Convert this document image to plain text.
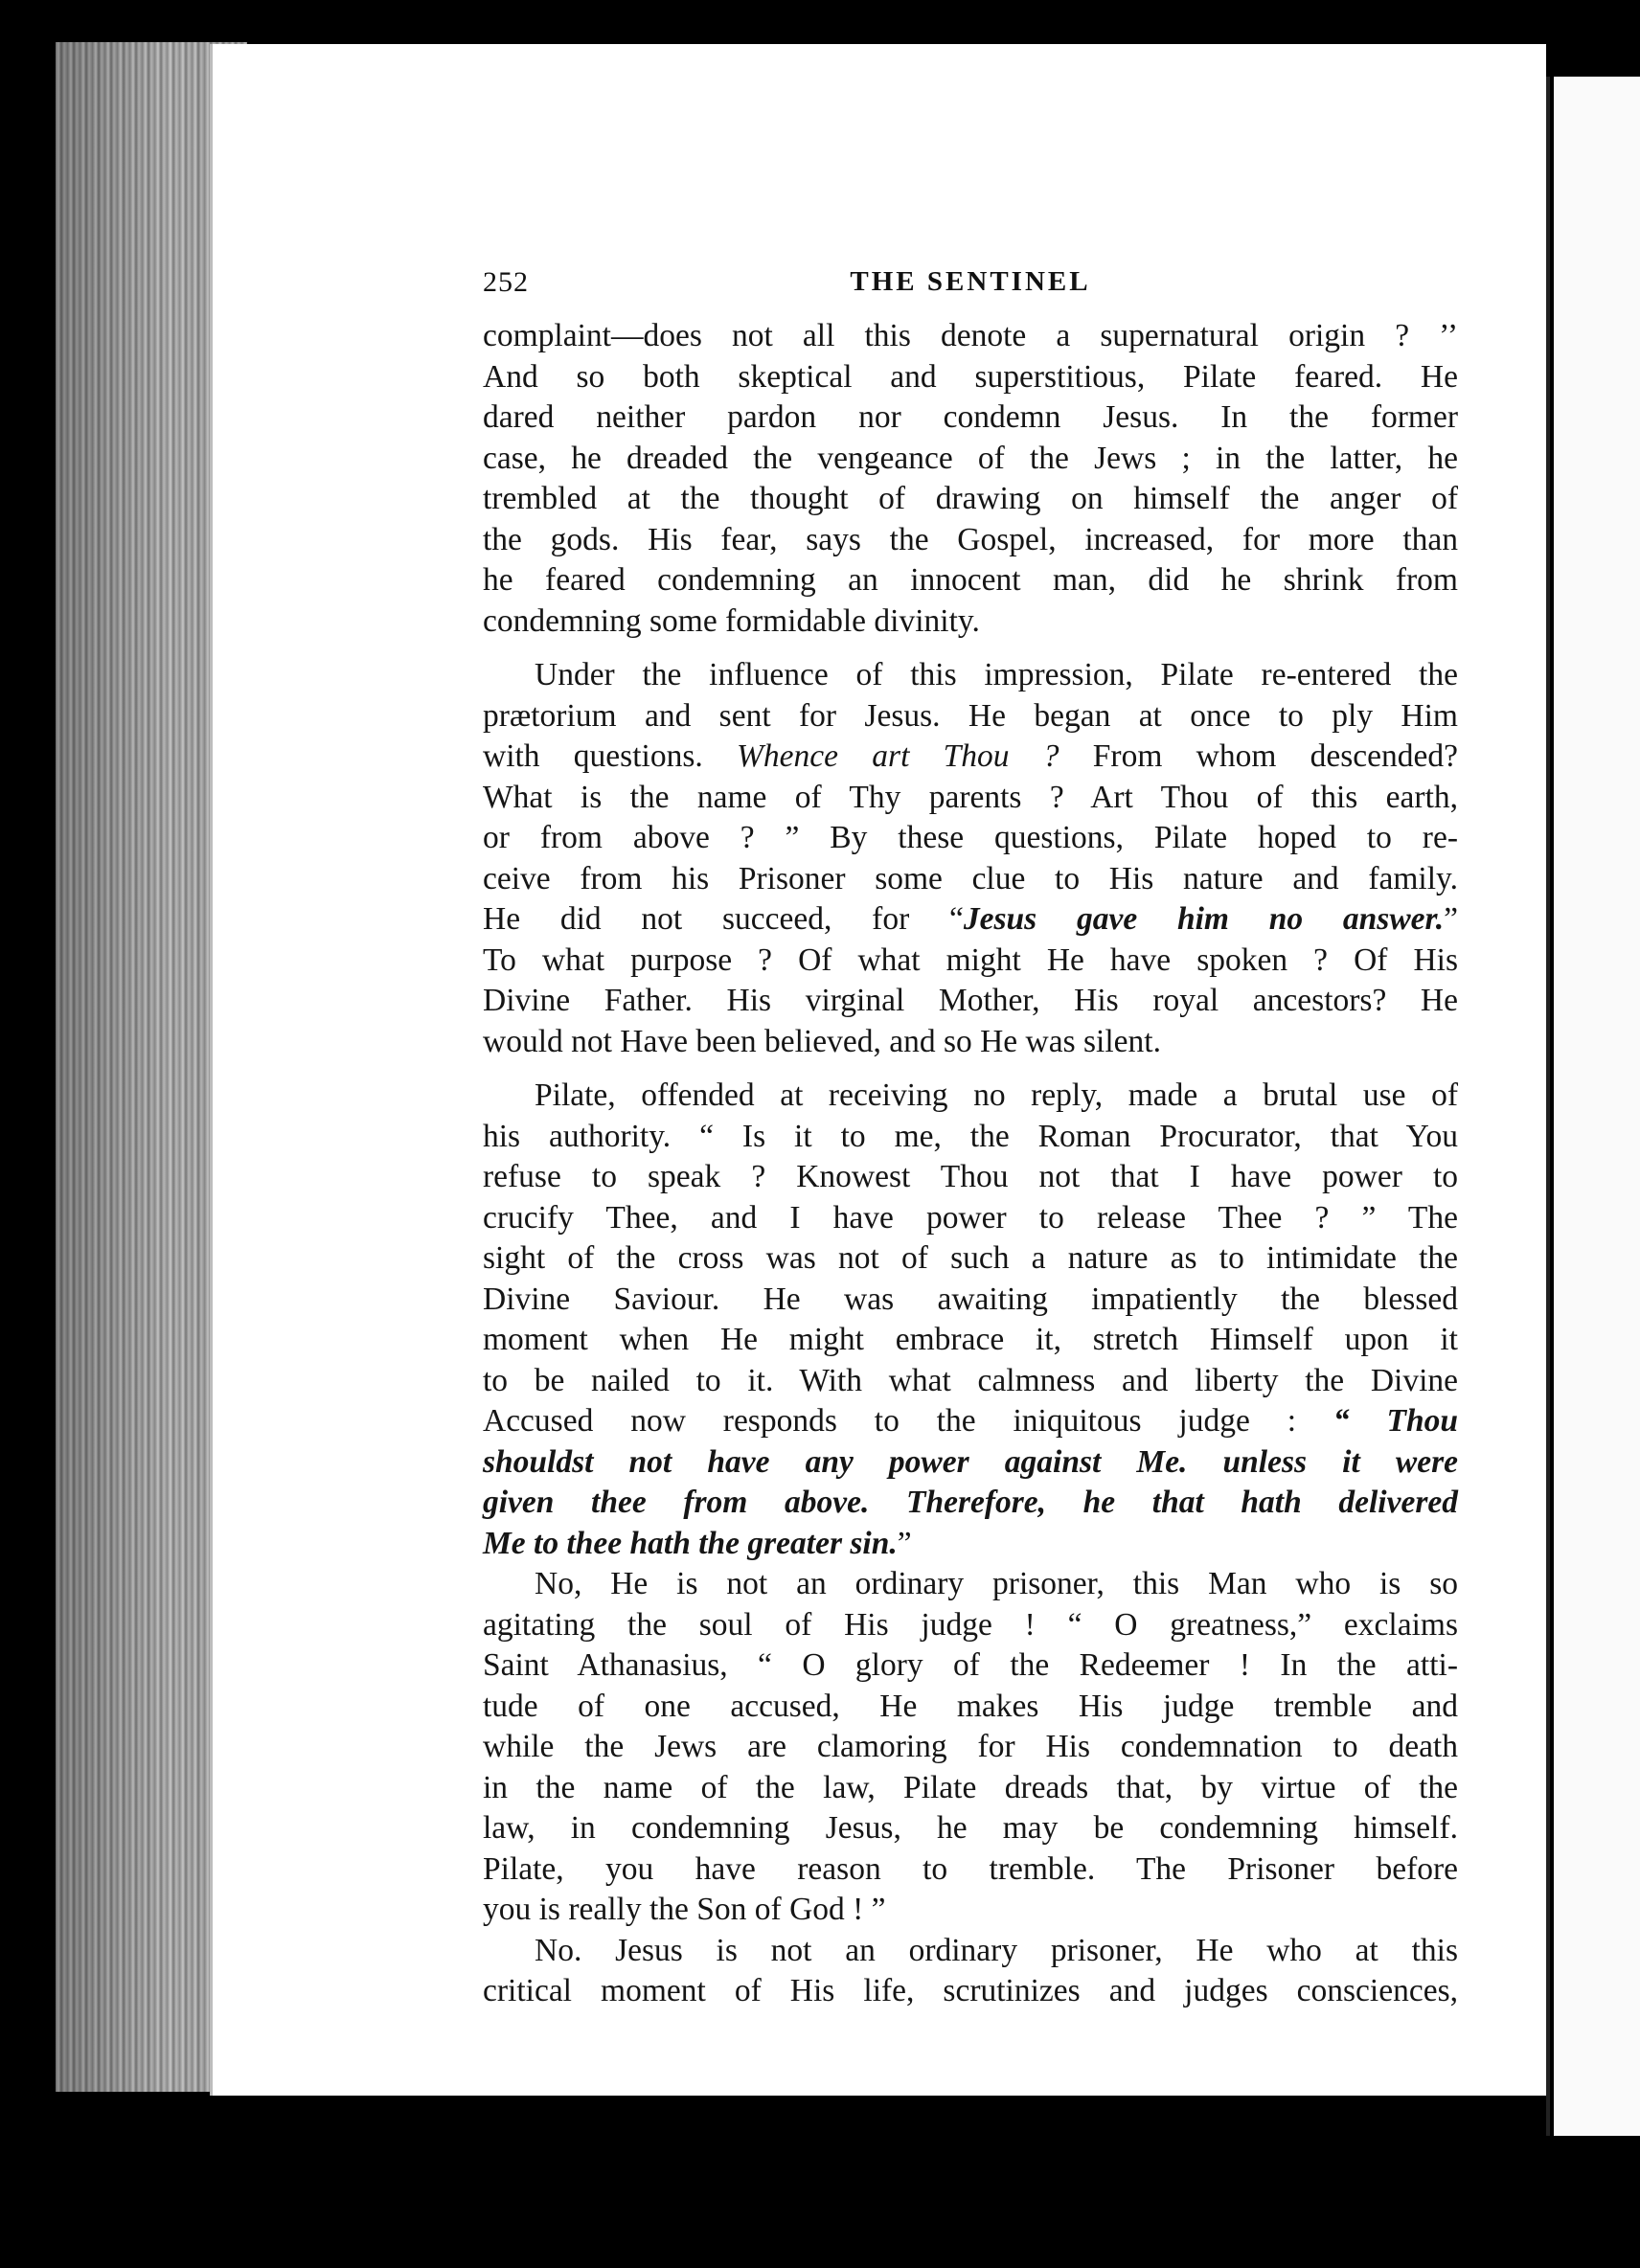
252	THE SENTINEL
complaint—does not all this denote a supernatural origin ? ’’
And so both skeptical and superstitious, Pilate feared. He
dared neither pardon nor condemn Jesus. In the former
case, he dreaded the vengeance of the Jews ; in the latter, he
trembled at the thought of drawing on himself the anger of
the gods. His fear, says the Gospel, increased, for more than
he feared condemning an innocent man, did he shrink from
condemning some formidable divinity.
Under the influence of this impression, Pilate re-entered the
prætorium and sent for Jesus. He began at once to ply Him
with questions. Whence art Thou ? From whom descended?
What is the name of Thy parents ? Art Thou of this earth,
or from above ? ” By these questions, Pilate hoped to re-
ceive from his Prisoner some clue to His nature and family.
He did not succeed, for “Jesus gave him no answer.”
To what purpose ? Of what might He have spoken ? Of His
Divine Father. His virginal Mother, His royal ancestors? He
would not Have been believed, and so He was silent.
Pilate, offended at receiving no reply, made a brutal use of
his authority. “ Is it to me, the Roman Procurator, that You
refuse to speak ? Knowest Thou not that I have power to
crucify Thee, and I have power to release Thee ? ” The
sight of the cross was not of such a nature as to intimidate the
Divine Saviour. He was awaiting impatiently the blessed
moment when He might embrace it, stretch Himself upon it
to be nailed to it. With what calmness and liberty the Divine
Accused now responds to the iniquitous judge : “ Thou
shouldst not have any power against Me. unless it were
given thee from above. Therefore, he that hath delivered
Me to thee hath the greater sin.”
No, He is not an ordinary prisoner, this Man who is so
agitating the soul of His judge ! “ O greatness,” exclaims
Saint Athanasius, “ O glory of the Redeemer ! In the atti-
tude of one accused, He makes His judge tremble and
while the Jews are clamoring for His condemnation to death
in the name of the law, Pilate dreads that, by virtue of the
law, in condemning Jesus, he may be condemning himself.
Pilate, you have reason to tremble. The Prisoner before
you is really the Son of God ! ”
No. Jesus is not an ordinary prisoner, He who at this
critical moment of His life, scrutinizes and judges consciences,
